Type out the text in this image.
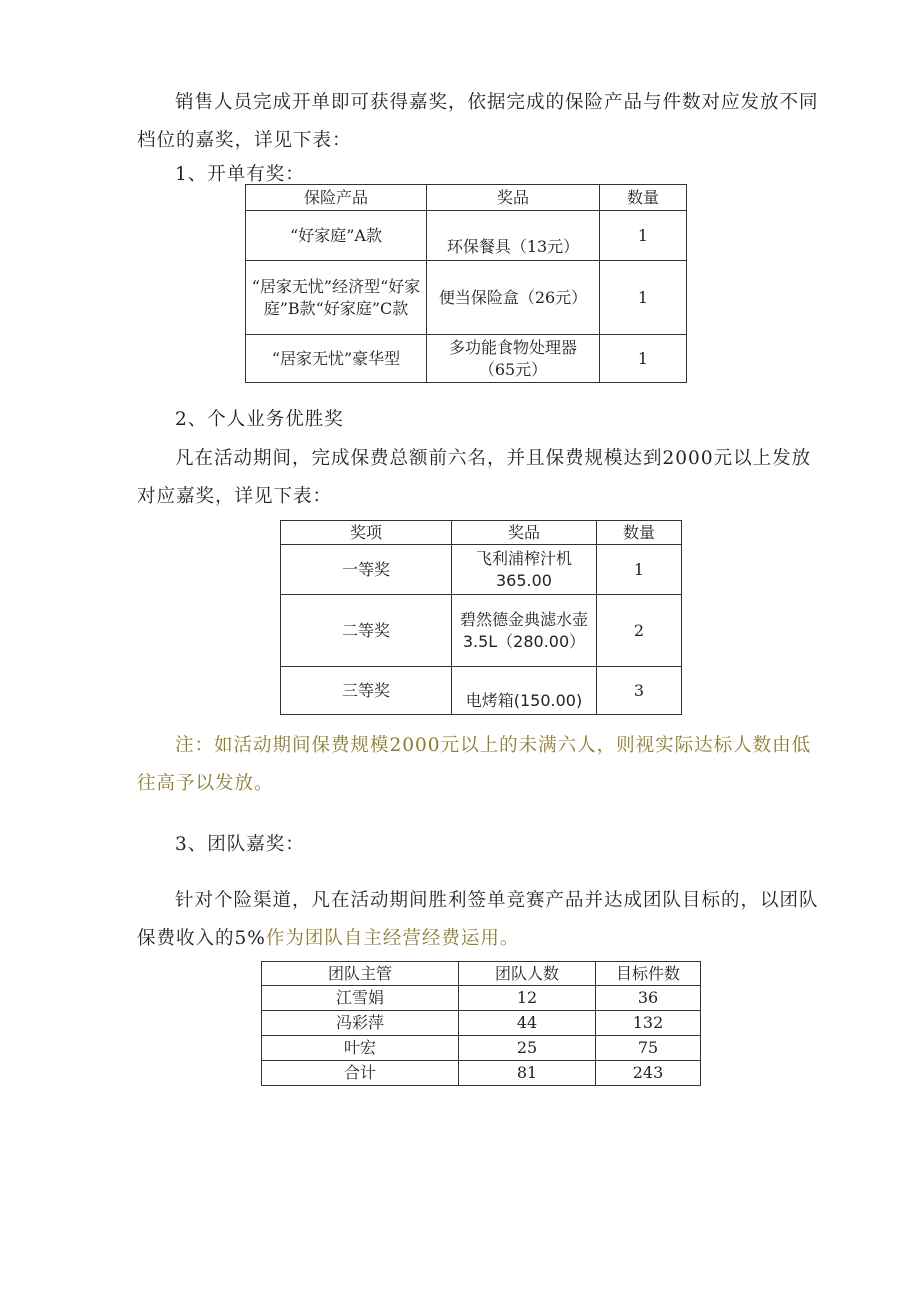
销售人员完成开单即可获得嘉奖，依据完成的保险产品与件数对应发放不同档位的嘉奖，详见下表：

1、开单有奖：

保险产品	奖品	数量
“好家庭”A款	环保餐具（13元）	1
“居家无忧”经济型“好家庭”B款“好家庭”C款	便当保险盒（26元）	1
“居家无忧”豪华型	多功能食物处理器（65元）	1

2、个人业务优胜奖

凡在活动期间，完成保费总额前六名，并且保费规模达到2000元以上发放对应嘉奖，详见下表：

奖项	奖品	数量
一等奖	飞利浦榨汁机 365.00	1
二等奖	碧然德金典滤水壶 3.5L（280.00）	2
三等奖	电烤箱(150.00)	3

注：如活动期间保费规模2000元以上的未满六人，则视实际达标人数由低往高予以发放。

3、团队嘉奖：

针对个险渠道，凡在活动期间胜利签单竞赛产品并达成团队目标的，以团队保费收入的5%作为团队自主经营经费运用。

团队主管	团队人数	目标件数
江雪娟	12	36
冯彩萍	44	132
叶宏	25	75
合计	81	243
